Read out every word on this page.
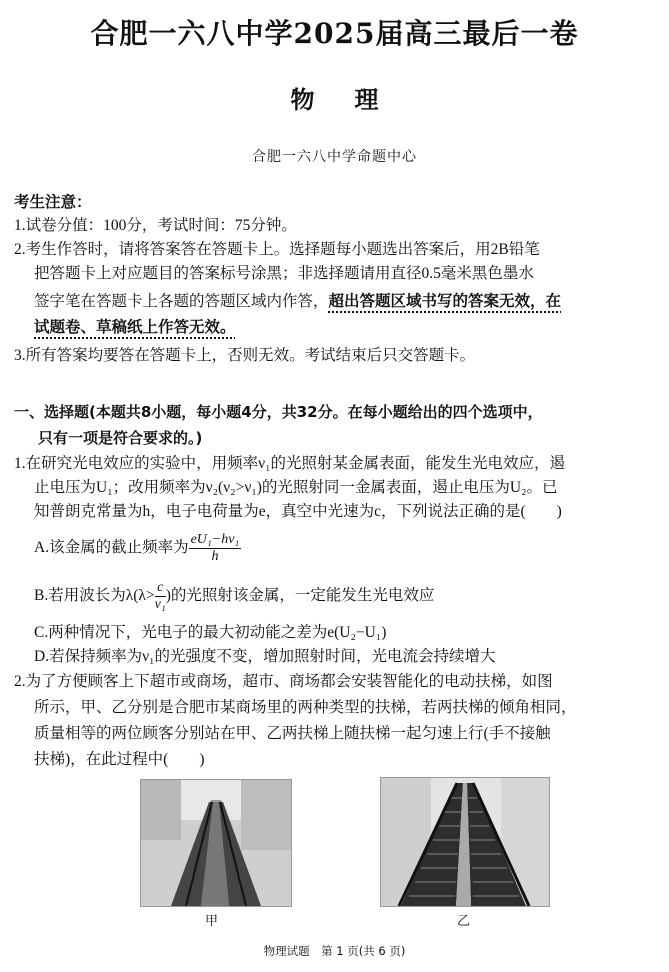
合肥一六八中学2025届高三最后一卷
物理
合肥一六八中学命题中心
考生注意：
1.试卷分值：100分，考试时间：75分钟。
2.考生作答时，请将答案答在答题卡上。选择题每小题选出答案后，用2B铅笔
把答题卡上对应题目的答案标号涂黑；非选择题请用直径0.5毫米黑色墨水
签字笔在答题卡上各题的答题区域内作答，超出答题区域书写的答案无效，在
试题卷、草稿纸上作答无效。
3.所有答案均要答在答题卡上，否则无效。考试结束后只交答题卡。
一、选择题(本题共8小题，每小题4分，共32分。在每小题给出的四个选项中，
只有一项是符合要求的。)
1.在研究光电效应的实验中，用频率ν₁的光照射某金属表面，能发生光电效应，遏
止电压为U₁；改用频率为ν₂(ν₂>ν₁)的光照射同一金属表面，遏止电压为U₂。已
知普朗克常量为h，电子电荷量为e，真空中光速为c，下列说法正确的是(　　)
A.该金属的截止频率为 $\frac{\text{eU₁−hν₁}}{h}$
B.若用波长为$\lambda(\lambda> \frac{c}{\text{ν₁}}$ )的光照射该金属，一定能发生光电效应
C.两种情况下，光电子的最大初动能之差为e(U₂−U₁)
D.若保持频率为ν₁的光强度不变，增加照射时间，光电流会持续增大
2.为了方便顾客上下超市或商场，超市、商场都会安装智能化的电动扶梯，如图
所示，甲、乙分别是合肥市某商场里的两种类型的扶梯，若两扶梯的倾角相同，
质量相等的两位顾客分别站在甲、乙两扶梯上随扶梯一起匀速上行(手不接触
扶梯)，在此过程中(　　)
甲	乙
物理试题　第 1 页(共 6 页)
